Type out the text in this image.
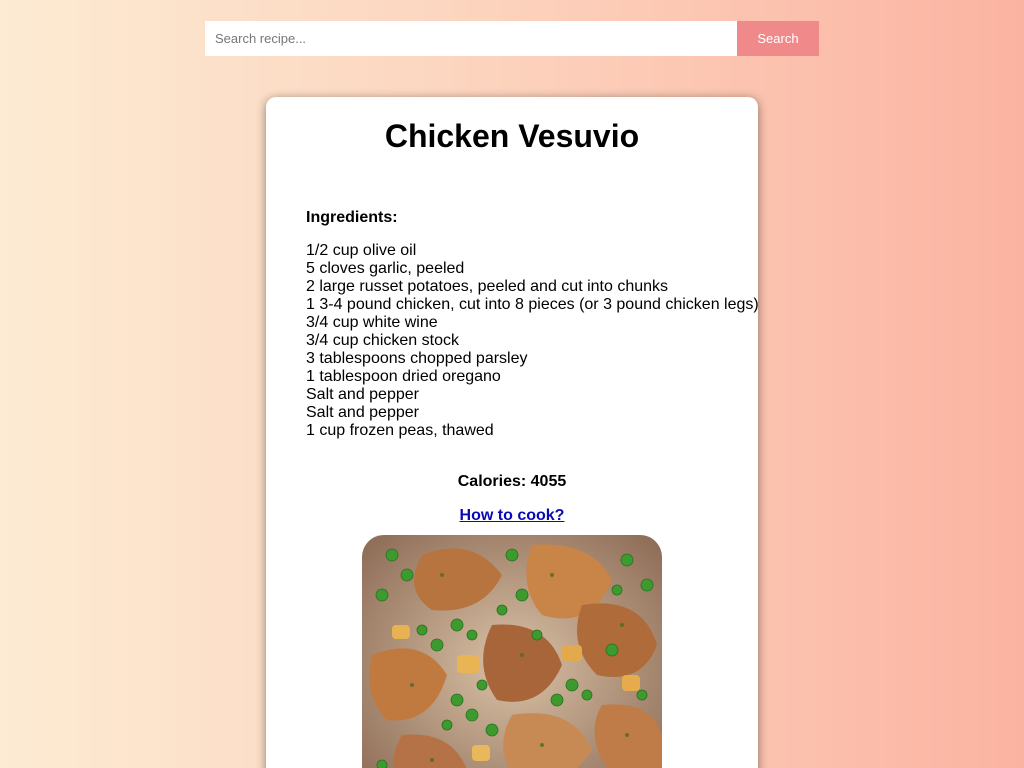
Search recipe...
Search
Chicken Vesuvio

Ingredients:

1/2 cup olive oil
5 cloves garlic, peeled
2 large russet potatoes, peeled and cut into chunks
1 3-4 pound chicken, cut into 8 pieces (or 3 pound chicken legs)
3/4 cup white wine
3/4 cup chicken stock
3 tablespoons chopped parsley
1 tablespoon dried oregano
Salt and pepper
Salt and pepper
1 cup frozen peas, thawed

Calories: 4055

How to cook?
